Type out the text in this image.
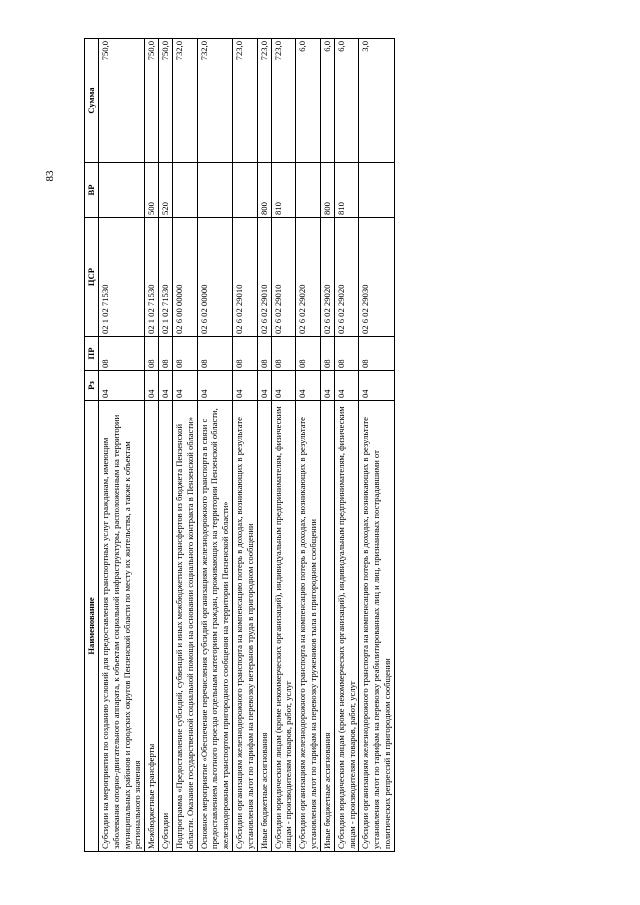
83
Наименование	Рз	ПР	ЦСР	ВР	Сумма
Субсидии на мероприятия по созданию условий для предоставления транспортных услуг гражданам, имеющим заболевания опорно-двигательного аппарата, к объектам социальной инфраструктуры, расположенным на территории муниципальных районов и городских округов Пензенской области по месту их жительства, а также к объектам регионального значения	04	08	02 1 02 71530		750,0
Межбюджетные трансферты	04	08	02 1 02 71530	500	750,0
Субсидии	04	08	02 1 02 71530	520	750,0
Подпрограмма «Предоставление субсидий, субвенций и иных межбюджетных трансфертов из бюджета Пензенской области. Оказание государственной социальной помощи на основании социального контракта в Пензенской области»	04	08	02 6 00 00000		732,0
Основное мероприятие «Обеспечение перечисления субсидий организациям железнодорожного транспорта в связи с предоставлением льготного проезда отдельным категориям граждан, проживающих на территории Пензенской области, железнодорожным транспортом пригородного сообщения на территории Пензенской области»	04	08	02 6 02 00000		732,0
Субсидии организациям железнодорожного транспорта на компенсацию потерь в доходах, возникающих в результате установления льгот по тарифам на перевозку ветеранов труда в пригородном сообщении	04	08	02 6 02 29010		723,0
Иные бюджетные ассигнования	04	08	02 6 02 29010	800	723,0
Субсидии юридическим лицам (кроме некоммерческих организаций), индивидуальным предпринимателям, физическим лицам - производителям товаров, работ, услуг	04	08	02 6 02 29010	810	723,0
Субсидии организациям железнодорожного транспорта на компенсацию потерь в доходах, возникающих в результате установления льгот по тарифам на перевозку тружеников тыла в пригородном сообщении	04	08	02 6 02 29020		6,0
Иные бюджетные ассигнования	04	08	02 6 02 29020	800	6,0
Субсидии юридическим лицам (кроме некоммерческих организаций), индивидуальным предпринимателям, физическим лицам - производителям товаров, работ, услуг	04	08	02 6 02 29020	810	6,0
Субсидии организациям железнодорожного транспорта на компенсацию потерь в доходах, возникающих в результате установления льгот по тарифам на перевозку реабилитированных лиц и лиц, признанных пострадавшими от политических репрессий в пригородном сообщении	04	08	02 6 02 29030		3,0
